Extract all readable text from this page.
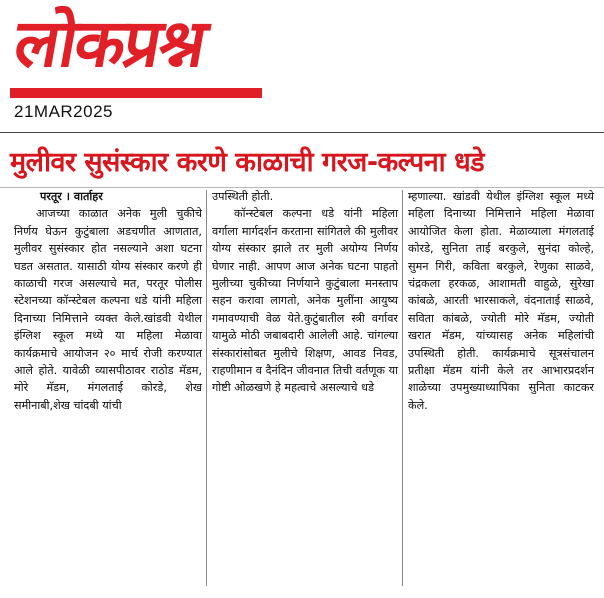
लोकप्रश्न
21MAR2025
मुलीवर सुसंस्कार करणे काळाची गरज-कल्पना धडे

परतूर । वार्ताहर

आजच्या काळात अनेक मुली चुकीचे निर्णय घेऊन कुटुंबाला अडचणीत आणतात, मुलीवर सुसंस्कार होत नसल्याने अशा घटना घडत असतात. यासाठी योग्य संस्कार करणे ही काळाची गरज असल्याचे मत, परतूर पोलीस स्टेशनच्या कॉन्स्टेबल कल्पना धडे यांनी महिला दिनाच्या निमित्ताने व्यक्त केले.खांडवी येथील इंग्लिश स्कूल मध्ये या महिला मेळावा कार्यक्रमाचे आयोजन २० मार्च रोजी करण्यात आले होते. यावेळी व्यासपीठावर राठोड मॅडम, मोरे मॅडम, मंगलताई कोरडे, शेख समीनाबी,शेख चांदबी यांची

उपस्थिती होती.

कॉन्स्टेबल कल्पना धडे यांनी महिला वर्गाला मार्गदर्शन करताना सांगितले की मुलीवर योग्य संस्कार झाले तर मुली अयोग्य निर्णय घेणार नाही. आपण आज अनेक घटना पाहतो मुलीच्या चुकीच्या निर्णयाने कुटुंबाला मनस्ताप सहन करावा लागतो, अनेक मुलींना आयुष्य गमावण्याची वेळ येते.कुटुंबातील स्त्री वर्गावर यामुळे मोठी जबाबदारी आलेली आहे. चांगल्या संस्कारांसोबत मुलीचे शिक्षण, आवड निवड, राहणीमान व दैनंदिन जीवनात तिची वर्तणूक या गोष्टी ओळखणे हे महत्वाचे असल्याचे धडे

म्हणाल्या. खांडवी येथील इंग्लिश स्कूल मध्ये महिला दिनाच्या निमित्ताने महिला मेळावा आयोजित केला होता. मेळाव्याला मंगलताई कोरडे, सुनिता ताई बरकुले, सुनंदा कोल्हे, सुमन गिरी, कविता बरकुले, रेणुका साळवे, चंद्रकला हरकळ, आशामती वाहुळे, सुरेखा कांबळे, आरती भारसाकले, वंदनाताई साळवे, सविता कांबळे, ज्योती मोरे मॅडम, ज्योती खरात मॅडम, यांच्यासह अनेक महिलांची उपस्थिती होती. कार्यक्रमाचे सूत्रसंचालन प्रतीक्षा मॅडम यांनी केले तर आभारप्रदर्शन शाळेच्या उपमुख्याध्यापिका सुनिता काटकर केले.
